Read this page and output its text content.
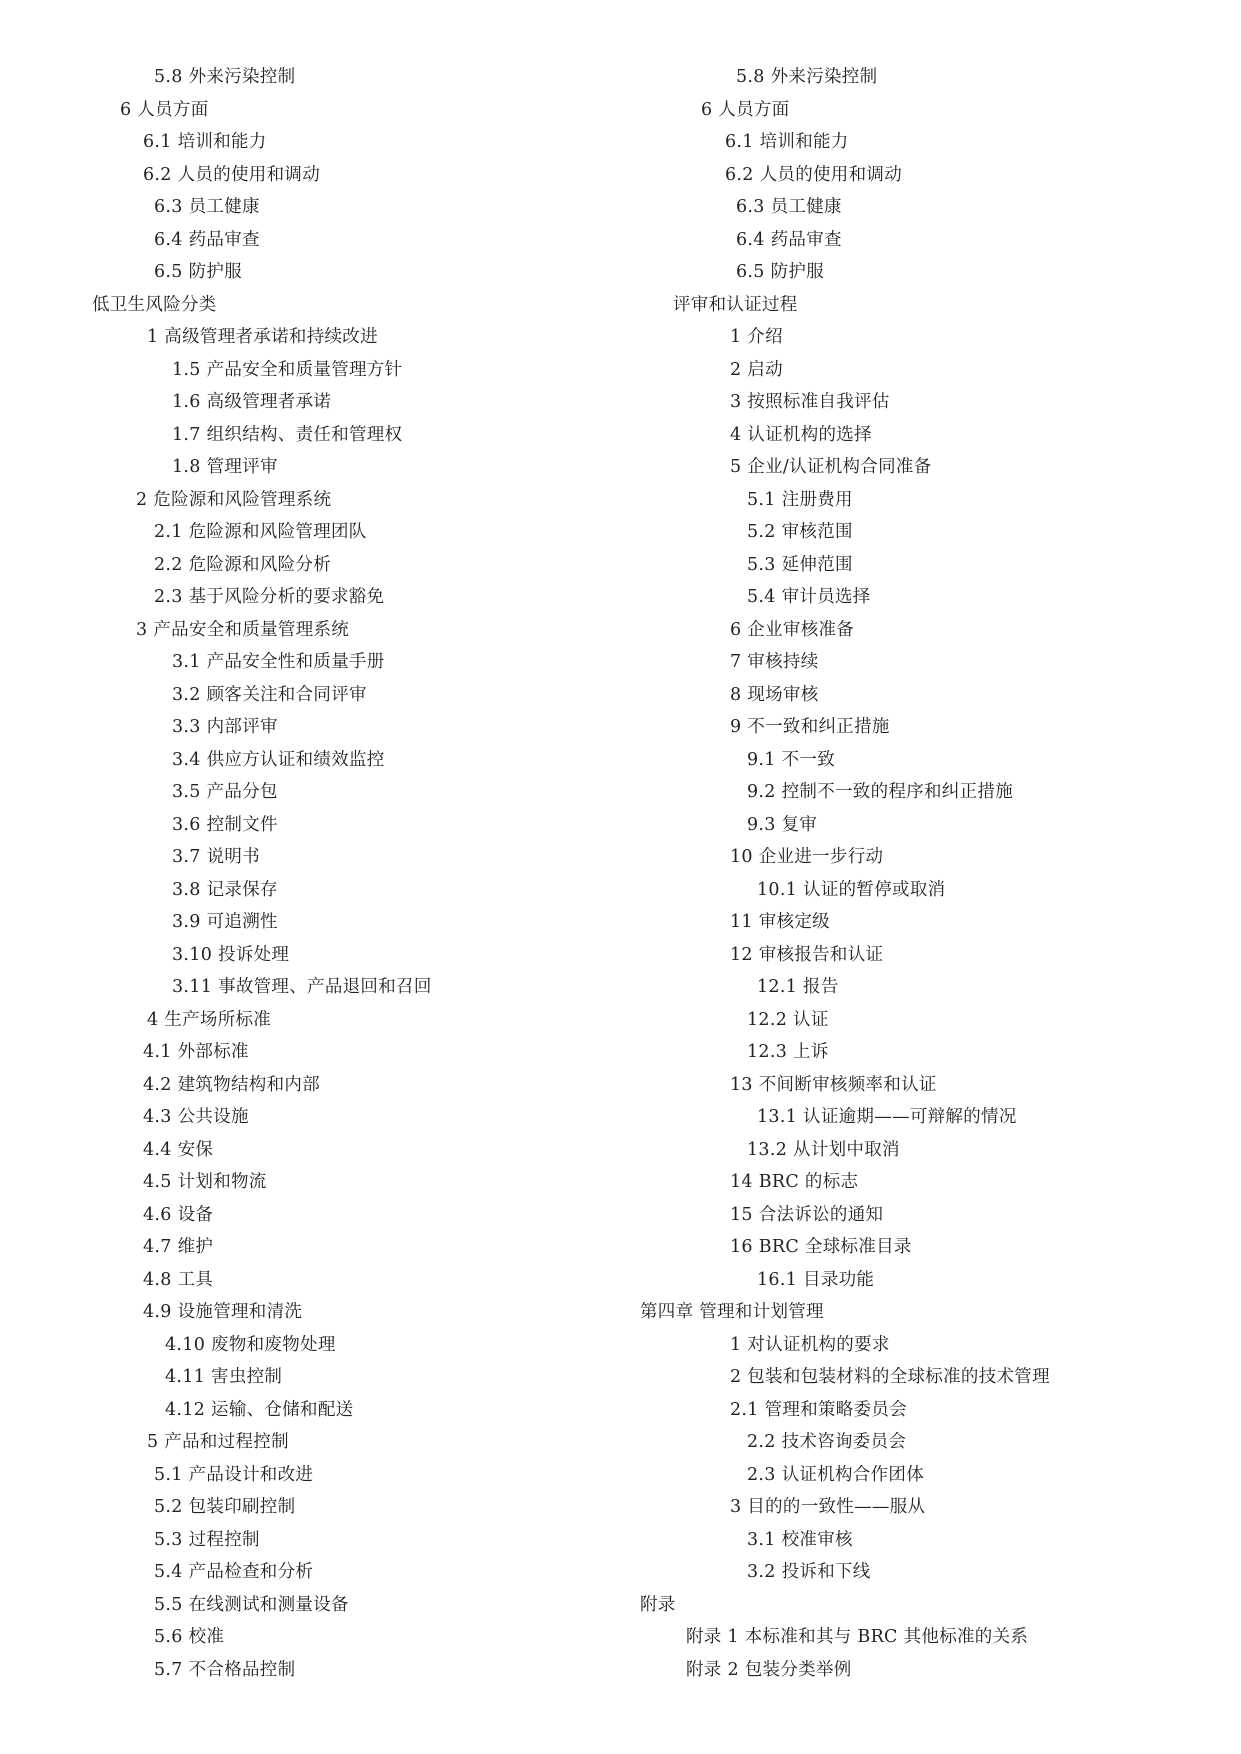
5.8 外来污染控制
6 人员方面
6.1 培训和能力
6.2 人员的使用和调动
6.3 员工健康
6.4 药品审查
6.5 防护服
低卫生风险分类
1 高级管理者承诺和持续改进
1.5 产品安全和质量管理方针
1.6 高级管理者承诺
1.7 组织结构、责任和管理权
1.8 管理评审
2 危险源和风险管理系统
2.1 危险源和风险管理团队
2.2 危险源和风险分析
2.3 基于风险分析的要求豁免
3 产品安全和质量管理系统
3.1 产品安全性和质量手册
3.2 顾客关注和合同评审
3.3 内部评审
3.4 供应方认证和绩效监控
3.5 产品分包
3.6 控制文件
3.7 说明书
3.8 记录保存
3.9 可追溯性
3.10 投诉处理
3.11 事故管理、产品退回和召回
4 生产场所标准
4.1 外部标准
4.2 建筑物结构和内部
4.3 公共设施
4.4 安保
4.5 计划和物流
4.6 设备
4.7 维护
4.8 工具
4.9 设施管理和清洗
4.10 废物和废物处理
4.11 害虫控制
4.12 运输、仓储和配送
5 产品和过程控制
5.1 产品设计和改进
5.2 包装印刷控制
5.3 过程控制
5.4 产品检查和分析
5.5 在线测试和测量设备
5.6 校准
5.7 不合格品控制
5.8 外来污染控制
6 人员方面
6.1 培训和能力
6.2 人员的使用和调动
6.3 员工健康
6.4 药品审查
6.5 防护服
评审和认证过程
1 介绍
2 启动
3 按照标准自我评估
4 认证机构的选择
5 企业/认证机构合同准备
5.1 注册费用
5.2 审核范围
5.3 延伸范围
5.4 审计员选择
6 企业审核准备
7 审核持续
8 现场审核
9 不一致和纠正措施
9.1 不一致
9.2 控制不一致的程序和纠正措施
9.3 复审
10 企业进一步行动
10.1 认证的暂停或取消
11 审核定级
12 审核报告和认证
12.1 报告
12.2 认证
12.3 上诉
13 不间断审核频率和认证
13.1 认证逾期——可辩解的情况
13.2 从计划中取消
14 BRC 的标志
15 合法诉讼的通知
16 BRC 全球标准目录
16.1 目录功能
第四章 管理和计划管理
1 对认证机构的要求
2 包装和包装材料的全球标准的技术管理
2.1 管理和策略委员会
2.2 技术咨询委员会
2.3 认证机构合作团体
3 目的的一致性——服从
3.1 校准审核
3.2 投诉和下线
附录
附录 1 本标准和其与 BRC 其他标准的关系
附录 2 包装分类举例
